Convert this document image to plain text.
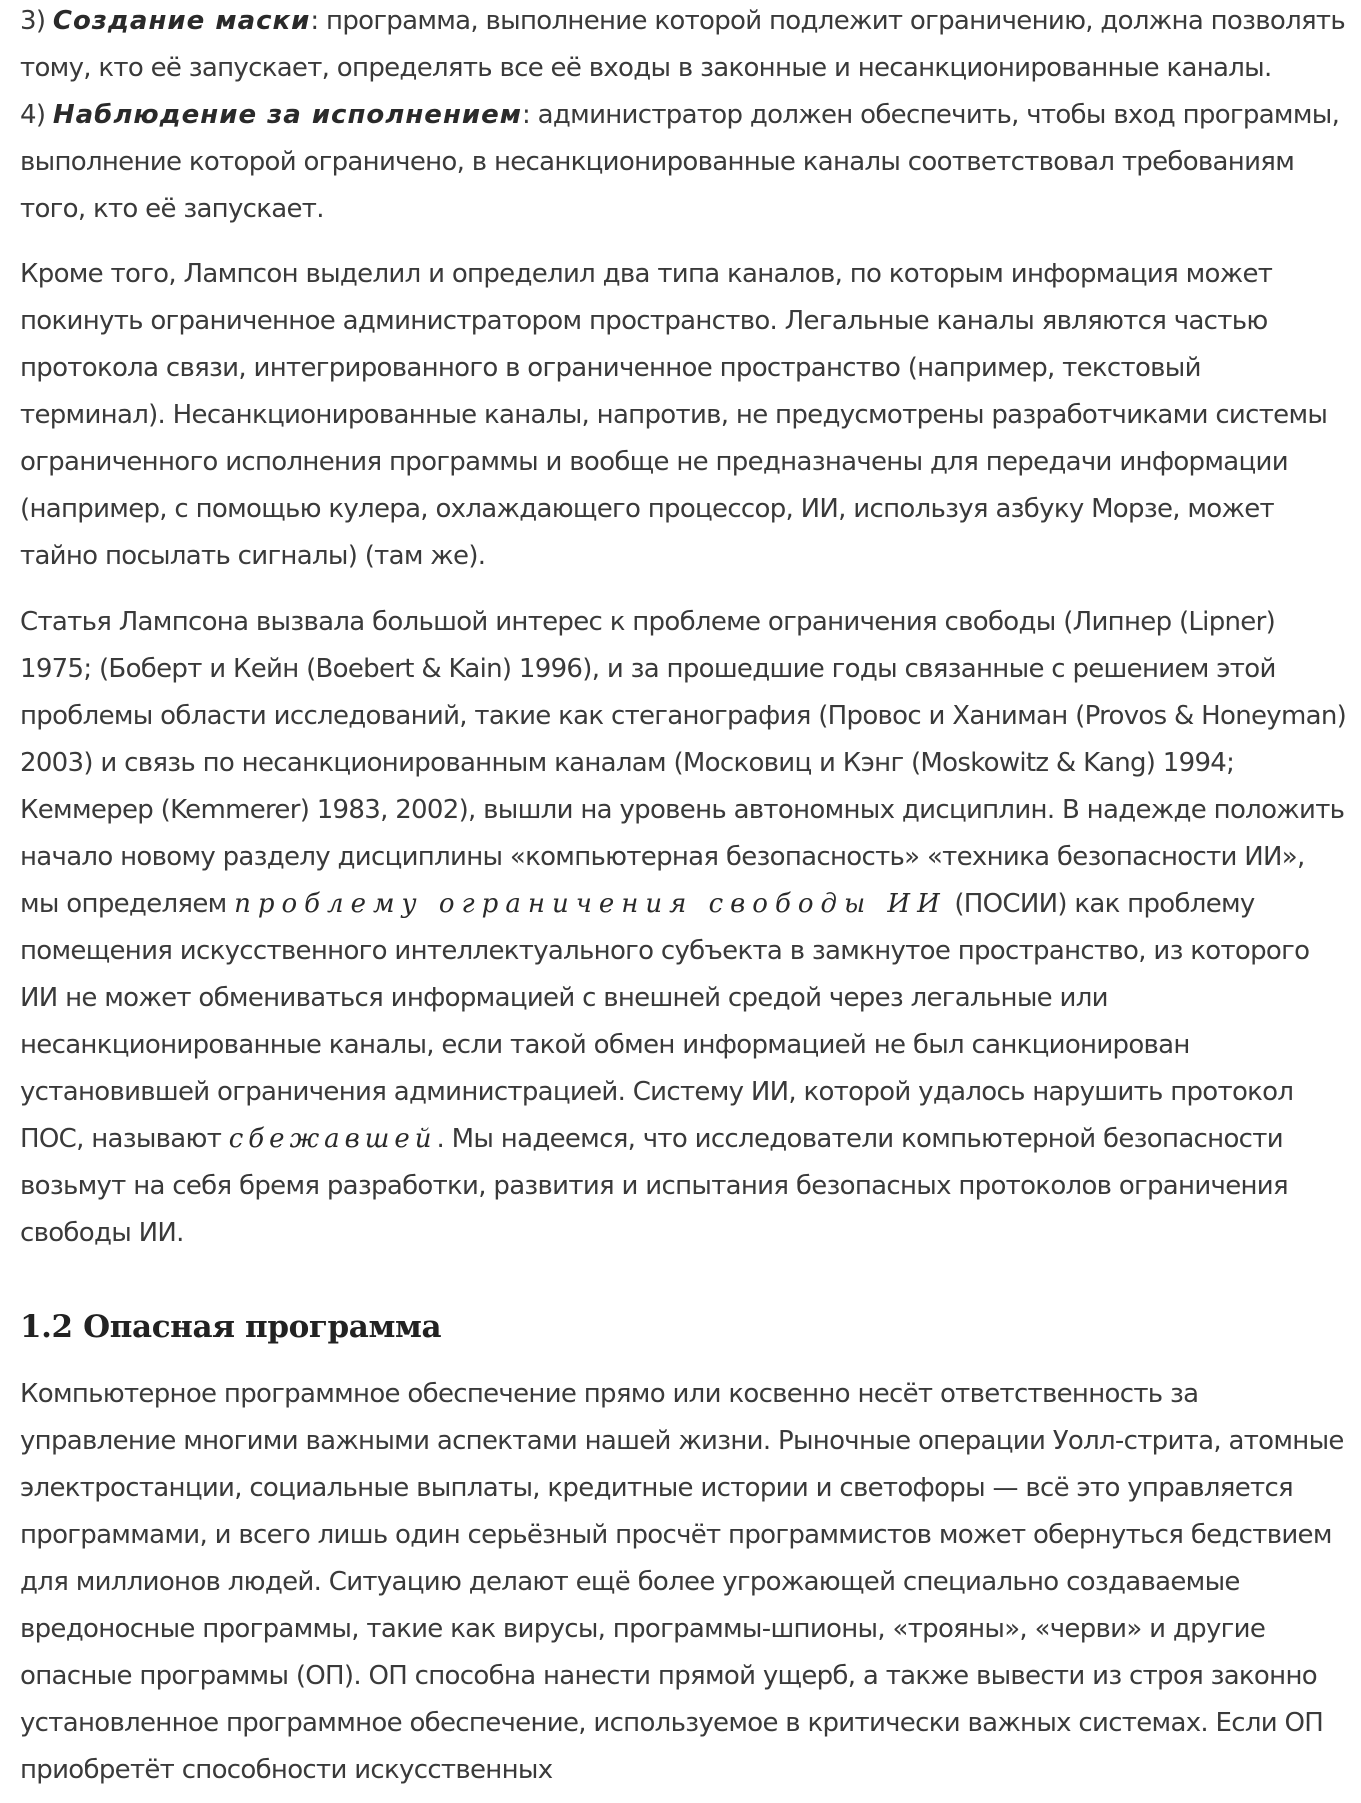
3) Создание маски: программа, выполнение которой подлежит ограничению, должна позволять тому, кто её запускает, определять все её входы в законные и несанкционированные каналы.
4) Наблюдение за исполнением: администратор должен обеспечить, чтобы вход программы, выполнение которой ограничено, в несанкционированные каналы соответствовал требованиям того, кто её запускает.

Кроме того, Лампсон выделил и определил два типа каналов, по которым информация может покинуть ограниченное администратором пространство. Легальные каналы являются частью протокола связи, интегрированного в ограниченное пространство (например, текстовый терминал). Несанкционированные каналы, напротив, не предусмотрены разработчиками системы ограниченного исполнения программы и вообще не предназначены для передачи информации (например, с помощью кулера, охлаждающего процессор, ИИ, используя азбуку Морзе, может тайно посылать сигналы) (там же).

Статья Лампсона вызвала большой интерес к проблеме ограничения свободы (Липнер (Lipner) 1975; (Боберт и Кейн (Boebert & Kain) 1996), и за прошедшие годы связанные с решением этой проблемы области исследований, такие как стеганография (Провос и Ханиман (Provos & Honeyman) 2003) и связь по несанкционированным каналам (Московиц и Кэнг (Moskowitz & Kang) 1994; Кеммерер (Kemmerer) 1983, 2002), вышли на уровень автономных дисциплин. В надежде положить начало новому разделу дисциплины «компьютерная безопасность» «техника безопасности ИИ», мы определяем проблему ограничения свободы ИИ (ПОСИИ) как проблему помещения искусственного интеллектуального субъекта в замкнутое пространство, из которого ИИ не может обмениваться информацией с внешней средой через легальные или несанкционированные каналы, если такой обмен информацией не был санкционирован установившей ограничения администрацией. Систему ИИ, которой удалось нарушить протокол ПОС, называют сбежавшей. Мы надеемся, что исследователи компьютерной безопасности возьмут на себя бремя разработки, развития и испытания безопасных протоколов ограничения свободы ИИ.

1.2 Опасная программа

Компьютерное программное обеспечение прямо или косвенно несёт ответственность за управление многими важными аспектами нашей жизни. Рыночные операции Уолл-стрита, атомные электростанции, социальные выплаты, кредитные истории и светофоры — всё это управляется программами, и всего лишь один серьёзный просчёт программистов может обернуться бедствием для миллионов людей. Ситуацию делают ещё более угрожающей специально создаваемые вредоносные программы, такие как вирусы, программы-шпионы, «трояны», «черви» и другие опасные программы (ОП). ОП способна нанести прямой ущерб, а также вывести из строя законно установленное программное обеспечение, используемое в критически важных системах. Если ОП приобретёт способности искусственных
